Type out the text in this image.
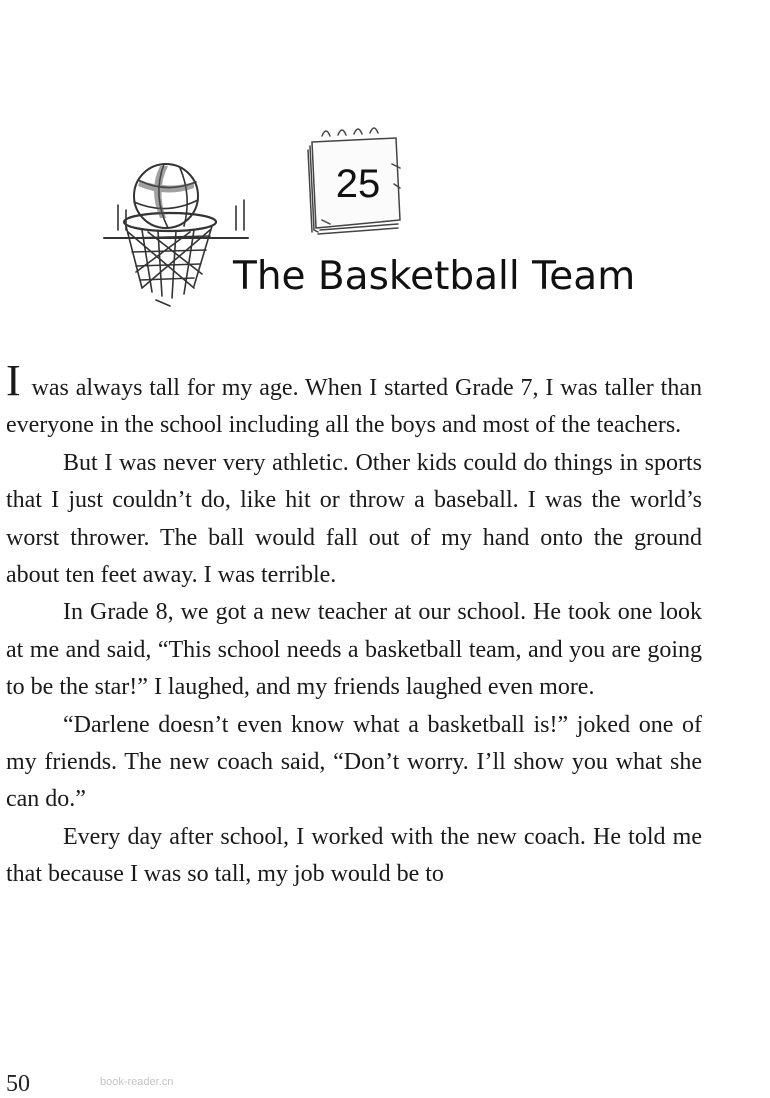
25
The Basketball Team

I was always tall for my age. When I started Grade 7, I was taller than everyone in the school including all the boys and most of the teachers.

But I was never very athletic. Other kids could do things in sports that I just couldn’t do, like hit or throw a baseball. I was the world’s worst thrower. The ball would fall out of my hand onto the ground about ten feet away. I was terrible.

In Grade 8, we got a new teacher at our school. He took one look at me and said, “This school needs a basketball team, and you are going to be the star!” I laughed, and my friends laughed even more.

“Darlene doesn’t even know what a basketball is!” joked one of my friends. The new coach said, “Don’t worry. I’ll show you what she can do.”

Every day after school, I worked with the new coach. He told me that because I was so tall, my job would be to

50	book-reader.cn
